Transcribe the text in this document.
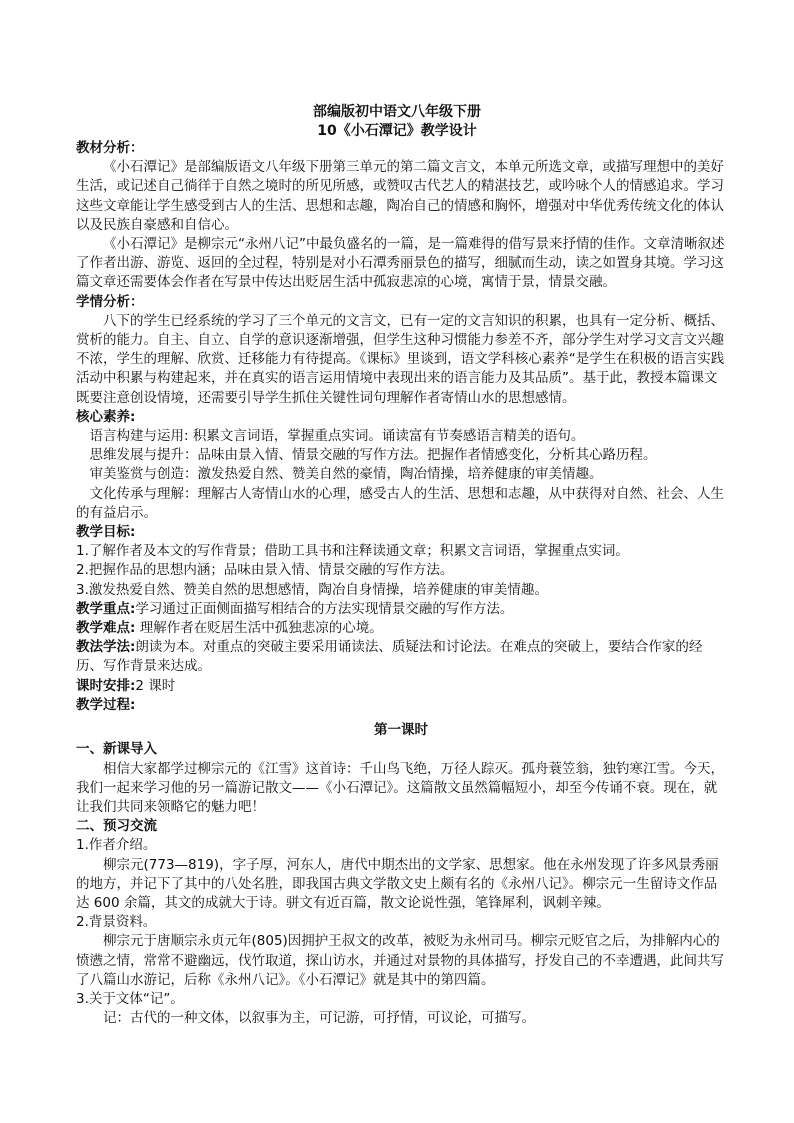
部编版初中语文八年级下册
10《小石潭记》教学设计

教材分析：

《小石潭记》是部编版语文八年级下册第三单元的第二篇文言文，本单元所选文章，或描写理想中的美好生活，或记述自己徜徉于自然之境时的所见所感，或赞叹古代艺人的精湛技艺，或吟咏个人的情感追求。学习这些文章能让学生感受到古人的生活、思想和志趣，陶冶自己的情感和胸怀，增强对中华优秀传统文化的体认以及民族自豪感和自信心。

《小石潭记》是柳宗元“永州八记”中最负盛名的一篇，是一篇难得的借写景来抒情的佳作。文章清晰叙述了作者出游、游览、返回的全过程，特别是对小石潭秀丽景色的描写，细腻而生动，读之如置身其境。学习这篇文章还需要体会作者在写景中传达出贬居生活中孤寂悲凉的心境，寓情于景，情景交融。

学情分析：

八下的学生已经系统的学习了三个单元的文言文，已有一定的文言知识的积累，也具有一定分析、概括、赏析的能力。自主、自立、自学的意识逐渐增强，但学生这种习惯能力参差不齐，部分学生对学习文言文兴趣不浓，学生的理解、欣赏、迁移能力有待提高。《课标》里谈到，语文学科核心素养“是学生在积极的语言实践活动中积累与构建起来，并在真实的语言运用情境中表现出来的语言能力及其品质”。基于此，教授本篇课文既要注意创设情境，还需要引导学生抓住关键性词句理解作者寄情山水的思想感情。

核心素养:

语言构建与运用: 积累文言词语，掌握重点实词。诵读富有节奏感语言精美的语句。

思维发展与提升：品味由景入情、情景交融的写作方法。把握作者情感变化，分析其心路历程。

审美鉴赏与创造：激发热爱自然、赞美自然的豪情，陶冶情操，培养健康的审美情趣。

文化传承与理解：理解古人寄情山水的心理，感受古人的生活、思想和志趣，从中获得对自然、社会、人生的有益启示。

教学目标:

1.了解作者及本文的写作背景；借助工具书和注释读通文章；积累文言词语，掌握重点实词。

2.把握作品的思想内涵；品味由景入情、情景交融的写作方法。

3.激发热爱自然、赞美自然的思想感情，陶冶自身情操，培养健康的审美情趣。

教学重点:学习通过正面侧面描写相结合的方法实现情景交融的写作方法。

教学难点: 理解作者在贬居生活中孤独悲凉的心境。

教法学法:朗读为本。对重点的突破主要采用诵读法、质疑法和讨论法。在难点的突破上，要结合作家的经历、写作背景来达成。

课时安排:2 课时

教学过程:

第一课时

一、新课导入

相信大家都学过柳宗元的《江雪》这首诗：千山鸟飞绝，万径人踪灭。孤舟蓑笠翁，独钓寒江雪。今天，我们一起来学习他的另一篇游记散文——《小石潭记》。这篇散文虽然篇幅短小，却至今传诵不衰。现在，就让我们共同来领略它的魅力吧！

二、预习交流

1.作者介绍。

柳宗元(773—819)，字子厚，河东人，唐代中期杰出的文学家、思想家。他在永州发现了许多风景秀丽的地方，并记下了其中的八处名胜，即我国古典文学散文史上颇有名的《永州八记》。柳宗元一生留诗文作品达 600 余篇，其文的成就大于诗。骈文有近百篇，散文论说性强，笔锋犀利，讽刺辛辣。

2.背景资料。

柳宗元于唐顺宗永贞元年(805)因拥护王叔文的改革，被贬为永州司马。柳宗元贬官之后，为排解内心的愤懑之情，常常不避幽远，伐竹取道，探山访水，并通过对景物的具体描写，抒发自己的不幸遭遇，此间共写了八篇山水游记，后称《永州八记》。《小石潭记》就是其中的第四篇。

3.关于文体“记”。

记：古代的一种文体，以叙事为主，可记游，可抒情，可议论，可描写。
